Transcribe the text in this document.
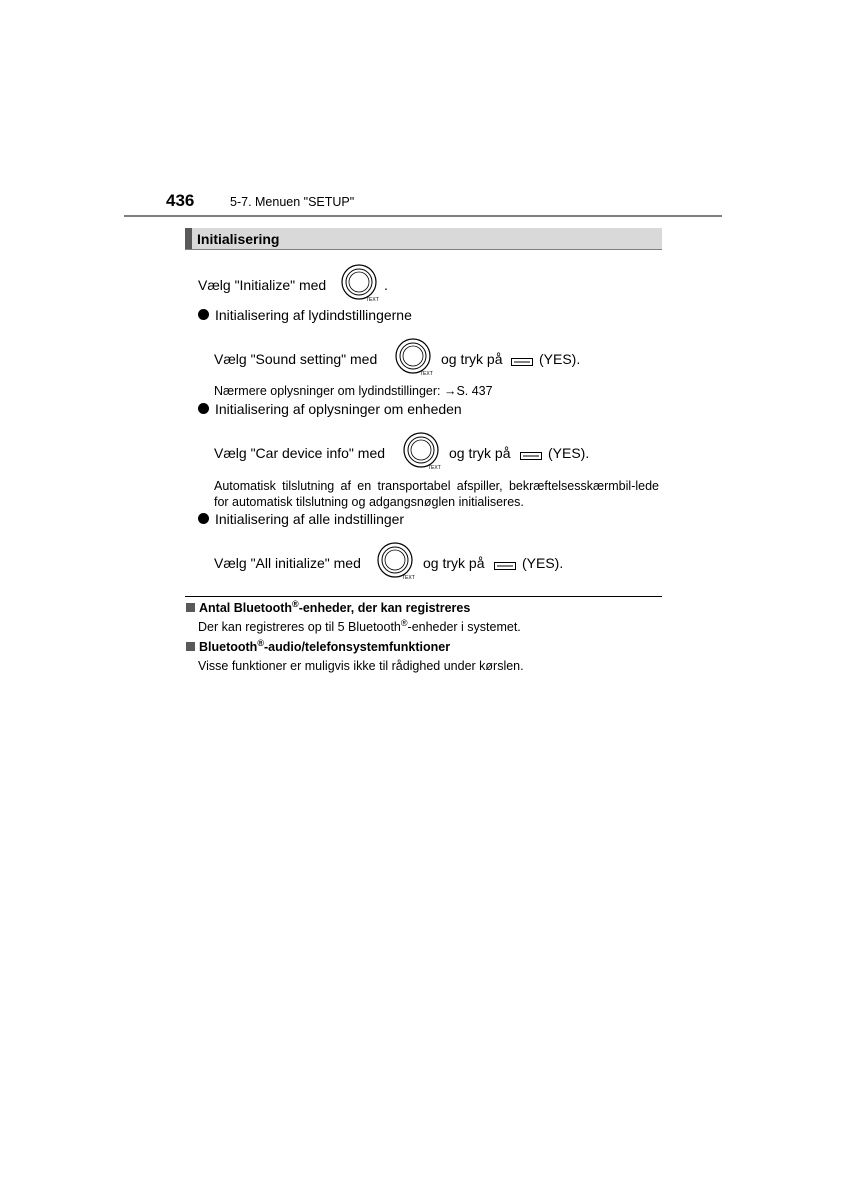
436	5-7. Menuen "SETUP"
Initialisering
Vælg "Initialize" med
TEXT
.
Initialisering af lydindstillingerne
Vælg "Sound setting" med
TEXT
og tryk på	(YES).
Nærmere oplysninger om lydindstillinger: →S. 437
Initialisering af oplysninger om enheden
Vælg "Car device info" med
TEXT
og tryk på	(YES).
Automatisk tilslutning af en transportabel afspiller, bekræftelsesskærmbil-lede for automatisk tilslutning og adgangsnøglen initialiseres.
Initialisering af alle indstillinger
Vælg "All initialize" med
TEXT
og tryk på	(YES).
Antal Bluetooth®-enheder, der kan registreres
Der kan registreres op til 5 Bluetooth®-enheder i systemet.
Bluetooth®-audio/telefonsystemfunktioner
Visse funktioner er muligvis ikke til rådighed under kørslen.
